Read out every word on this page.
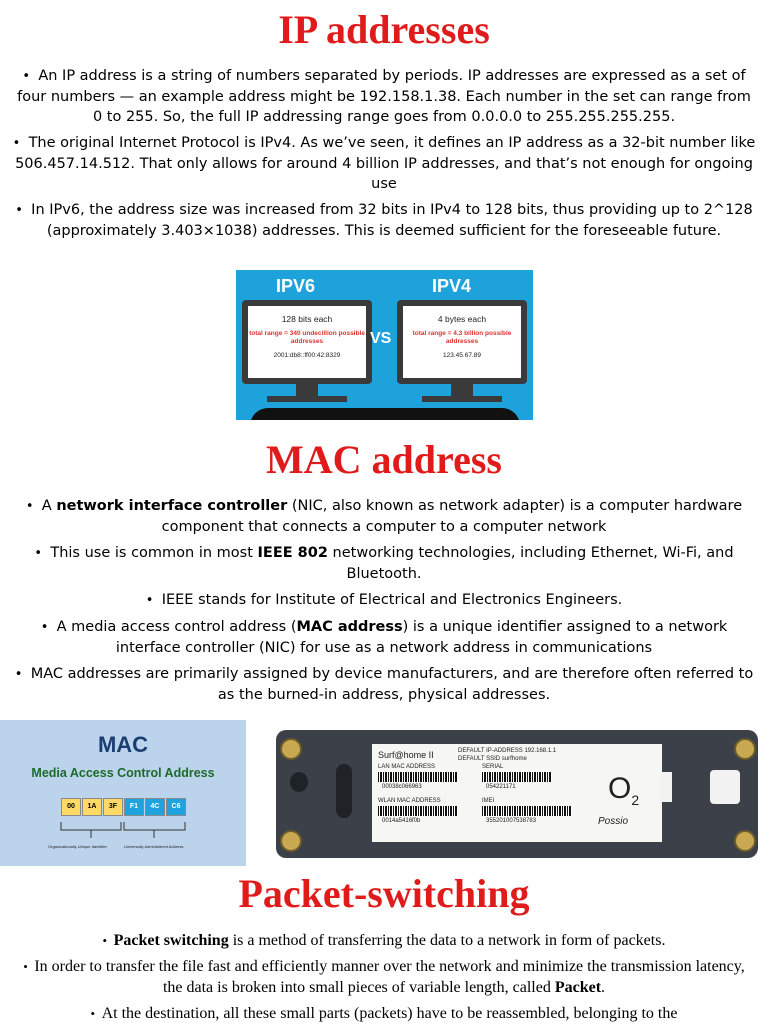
IP addresses
•  An IP address is a string of numbers separated by periods. IP addresses are expressed as a set of four numbers — an example address might be 192.158.1.38. Each number in the set can range from 0 to 255. So, the full IP addressing range goes from 0.0.0.0 to 255.255.255.255.
•  The original Internet Protocol is IPv4. As we’ve seen, it defines an IP address as a 32-bit number like 506.457.14.512. That only allows for around 4 billion IP addresses, and that’s not enough for ongoing use
•  In IPv6, the address size was increased from 32 bits in IPv4 to 128 bits, thus providing up to 2^128 (approximately 3.403×1038) addresses. This is deemed sufficient for the foreseeable future.
IPV6	IPV4
128 bits each
total range = 340 undecillion possible addresses
2001:db8::ff00:42:8329
VS
4 bytes each
total range = 4.3 billion possible addresses
123.45.67.89
MAC address
•  A network interface controller (NIC, also known as network adapter) is a computer hardware component that connects a computer to a computer network
•  This use is common in most IEEE 802 networking technologies, including Ethernet, Wi-Fi, and Bluetooth.
•  IEEE stands for Institute of Electrical and Electronics Engineers.
•  A media access control address (MAC address) is a unique identifier assigned to a network interface controller (NIC) for use as a network address in communications
•  MAC addresses are primarily assigned by device manufacturers, and are therefore often referred to as the burned-in address, physical addresses.
MAC
Media Access Control Address
00	1A	3F	F1	4C	C6
Organizationally Unique Identifier	Universally Administered Address
Surf@home II	DEFAULT IP-ADDRESS 192.168.1.1
DEFAULT SSID surfhome
LAN MAC ADDRESS
00038c066963
SERIAL
054221171
WLAN MAC ADDRESS
0014a5416f0b
IMEI
355201007538783
$O_2$
Possio
Packet-switching
•  Packet switching is a method of transferring the data to a network in form of packets.
•  In order to transfer the file fast and efficiently manner over the network and minimize the transmission latency, the data is broken into small pieces of variable length, called Packet.
•  At the destination, all these small parts (packets) have to be reassembled, belonging to the
